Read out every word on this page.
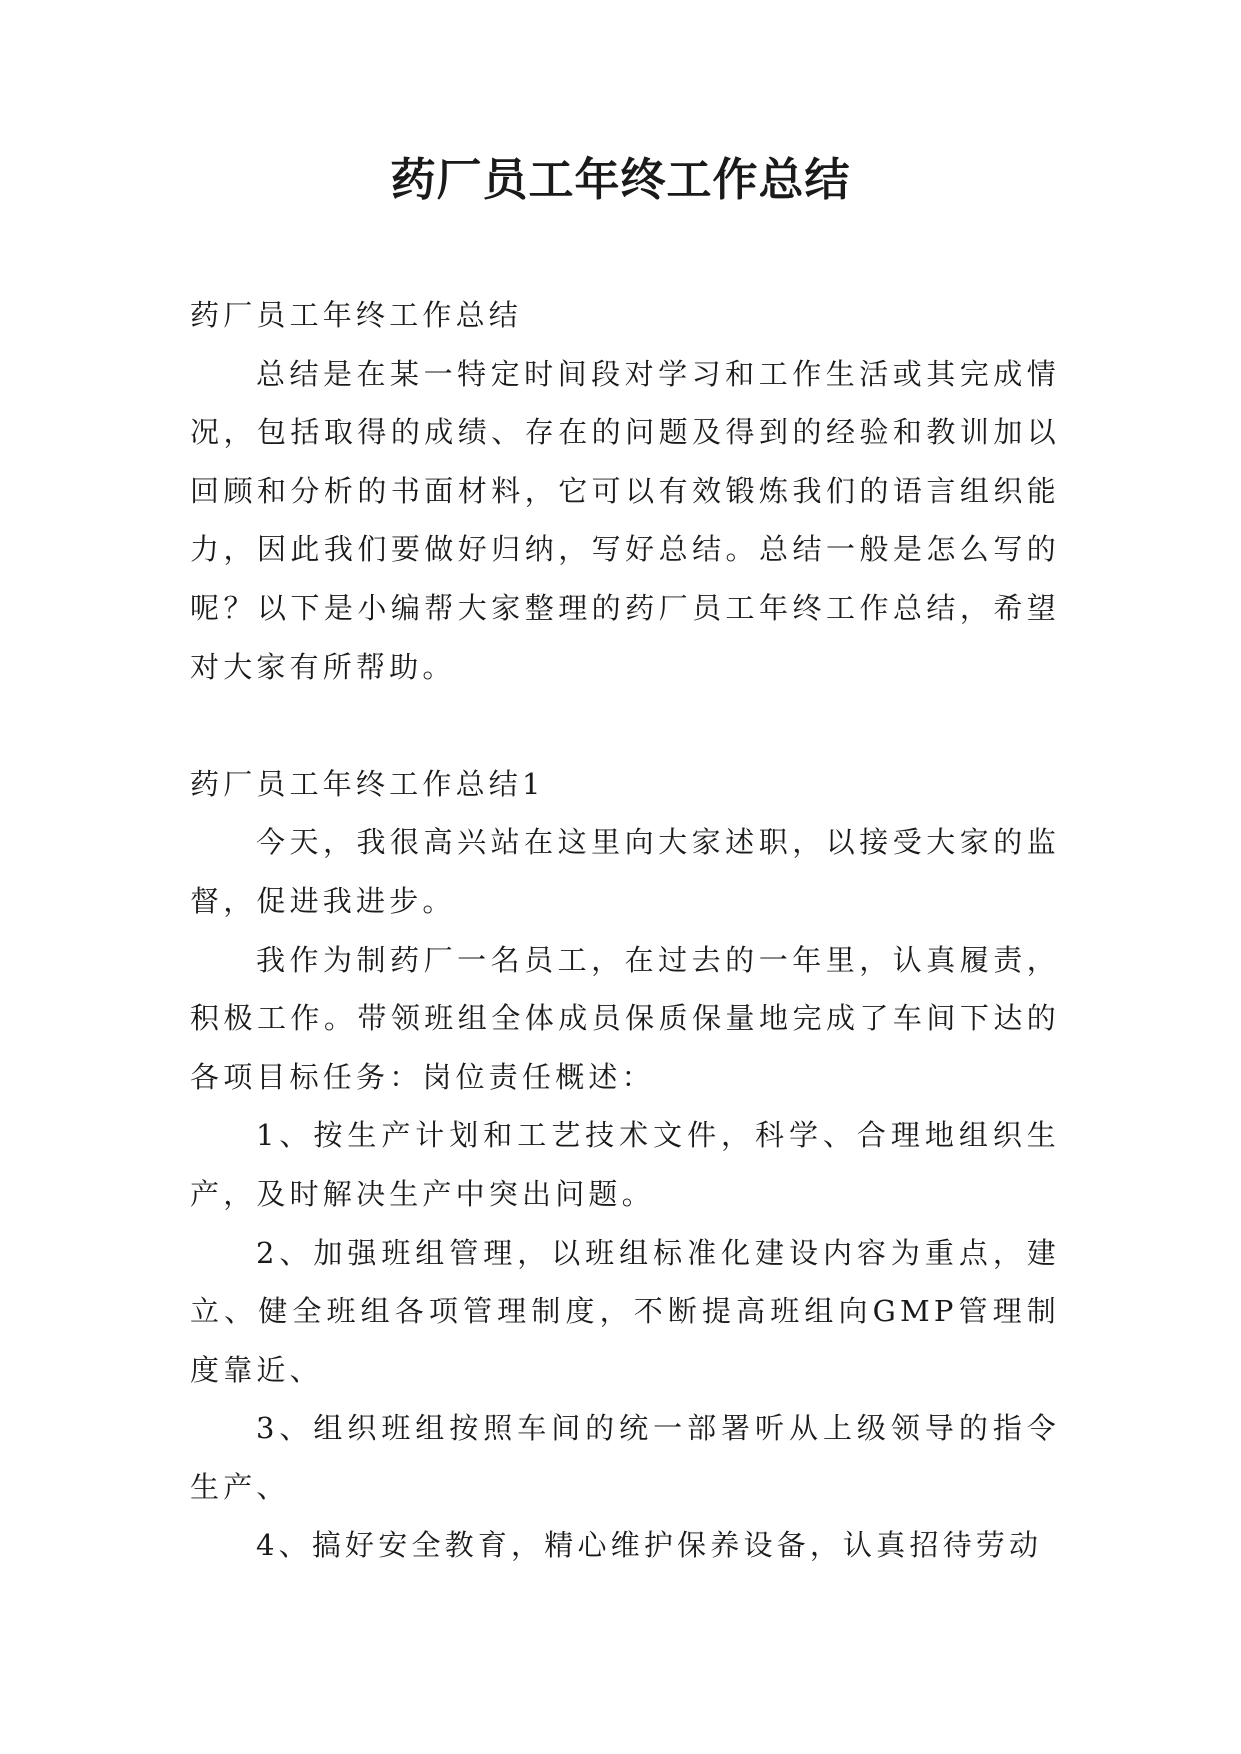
药厂员工年终工作总结

药厂员工年终工作总结

总结是在某一特定时间段对学习和工作生活或其完成情况，包括取得的成绩、存在的问题及得到的经验和教训加以回顾和分析的书面材料，它可以有效锻炼我们的语言组织能力，因此我们要做好归纳，写好总结。总结一般是怎么写的呢？以下是小编帮大家整理的药厂员工年终工作总结，希望对大家有所帮助。

药厂员工年终工作总结1

今天，我很高兴站在这里向大家述职，以接受大家的监督，促进我进步。

我作为制药厂一名员工，在过去的一年里，认真履责，积极工作。带领班组全体成员保质保量地完成了车间下达的各项目标任务：岗位责任概述：

1、按生产计划和工艺技术文件，科学、合理地组织生产，及时解决生产中突出问题。

2、加强班组管理，以班组标准化建设内容为重点，建立、健全班组各项管理制度，不断提高班组向GMP管理制度靠近、

3、组织班组按照车间的统一部署听从上级领导的指令生产、

4、搞好安全教育，精心维护保养设备，认真招待劳动
